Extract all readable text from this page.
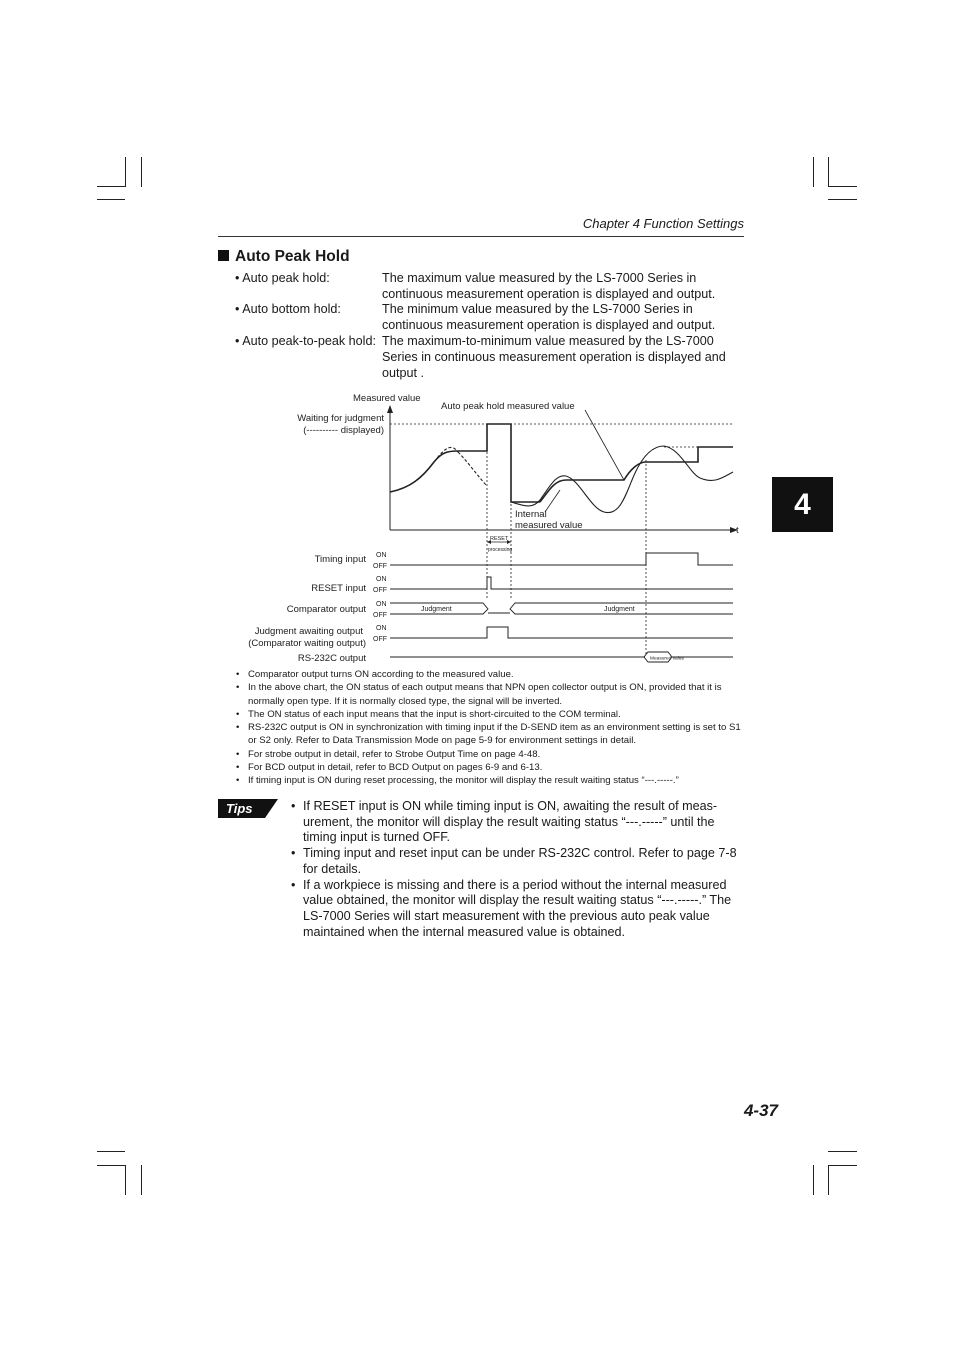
Chapter 4 Function Settings
4
Auto Peak Hold
• Auto peak hold:	The maximum value measured by the LS-7000 Series in continuous measurement operation is displayed and output.
• Auto bottom hold:	The minimum value measured by the LS-7000 Series in continuous measurement operation is displayed and output.
• Auto peak-to-peak hold: The maximum-to-minimum value measured by the LS-7000 Series in continuous measurement operation is displayed and output .
Measured value
Waiting for judgment
(---------- displayed)
Auto peak hold measured value
Internal
measured value	t
RESET
processing
Timing input
RESET input
Comparator output
Judgment awaiting output
(Comparator waiting output)
RS-232C output
ON
OFF
ON
OFF
ON
OFF
ON
OFF
Judgment	Judgment
Measured value
• Comparator output turns ON according to the measured value.
• In the above chart, the ON status of each output means that NPN open collector output is ON, provided that it is normally open type. If it is normally closed type, the signal will be inverted.
• The ON status of each input means that the input is short-circuited to the COM terminal.
• RS-232C output is ON in synchronization with timing input if the D-SEND item as an environment setting is set to S1 or S2 only. Refer to Data Transmission Mode on page 5-9 for environment settings in detail.
• For strobe output in detail, refer to Strobe Output Time on page 4-48.
• For BCD output in detail, refer to BCD Output on pages 6-9 and 6-13.
• If timing input is ON during reset processing, the monitor will display the result waiting status “---.-----.”
Tips
•	If RESET input is ON while timing input is ON, awaiting the result of meas-urement, the monitor will display the result waiting status “---.-----” until the timing input is turned OFF.
• Timing input and reset input can be under RS-232C control. Refer to page 7-8 for details.
• If a workpiece is missing and there is a period without the internal measured value obtained, the monitor will display the result waiting status “---.-----.” The LS-7000 Series will start measurement with the previous auto peak value maintained when the internal measured value is obtained.
4-37
